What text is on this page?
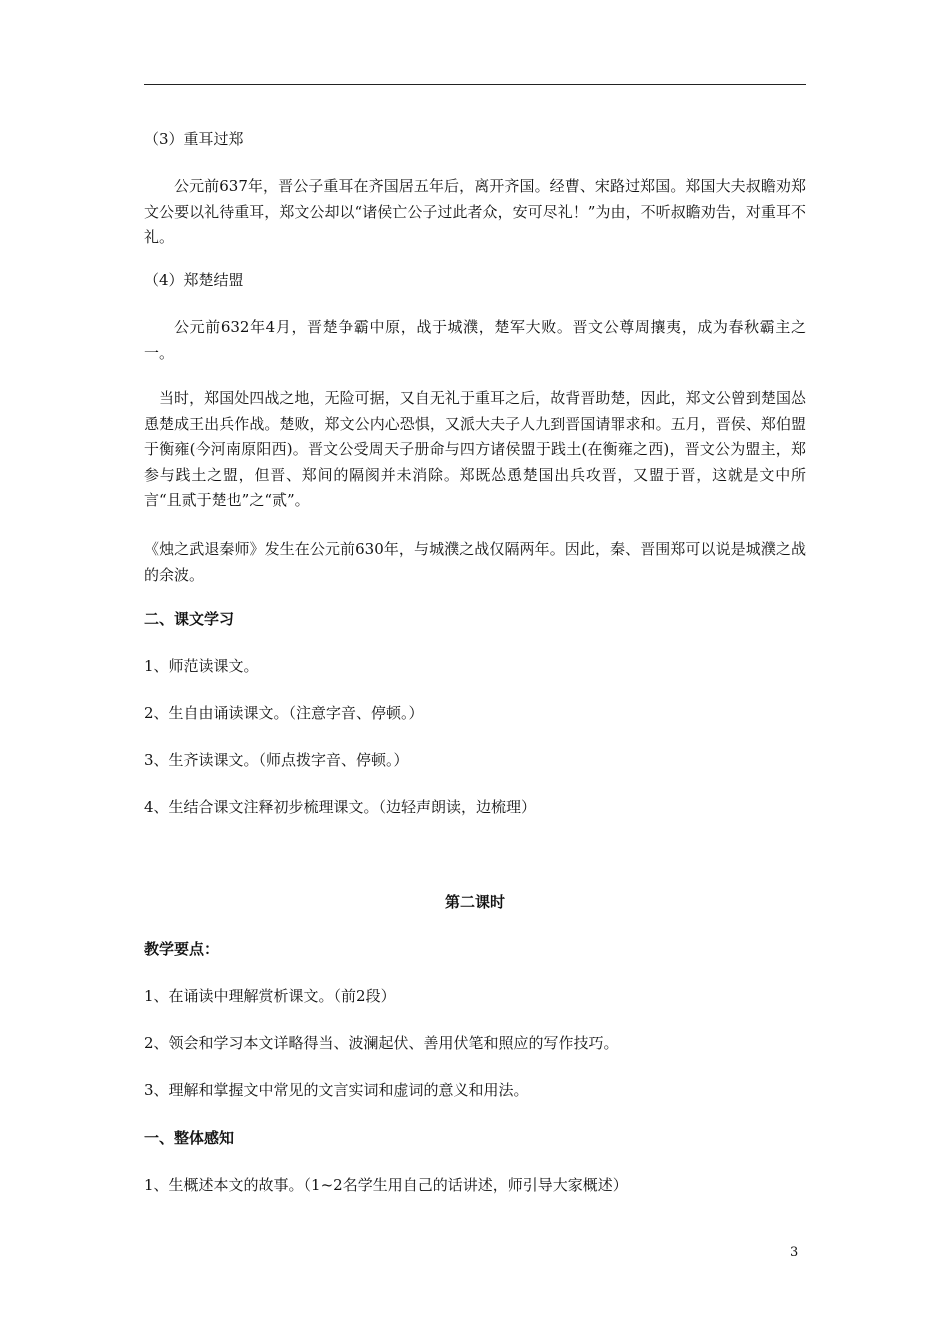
（3）重耳过郑
公元前637年，晋公子重耳在齐国居五年后，离开齐国。经曹、宋路过郑国。郑国大夫叔瞻劝郑文公要以礼待重耳，郑文公却以“诸侯亡公子过此者众，安可尽礼！”为由，不听叔瞻劝告，对重耳不礼。
（4）郑楚结盟
公元前632年4月，晋楚争霸中原，战于城濮，楚军大败。晋文公尊周攘夷，成为春秋霸主之一。
当时，郑国处四战之地，无险可据，又自无礼于重耳之后，故背晋助楚，因此，郑文公曾到楚国怂恿楚成王出兵作战。楚败，郑文公内心恐惧，又派大夫子人九到晋国请罪求和。五月，晋侯、郑伯盟于衡雍(今河南原阳西)。晋文公受周天子册命与四方诸侯盟于践土(在衡雍之西)，晋文公为盟主，郑参与践土之盟，但晋、郑间的隔阂并未消除。郑既怂恿楚国出兵攻晋，又盟于晋，这就是文中所言“且贰于楚也”之“贰”。
《烛之武退秦师》发生在公元前630年，与城濮之战仅隔两年。因此，秦、晋围郑可以说是城濮之战的余波。
二、课文学习
1、师范读课文。
2、生自由诵读课文。（注意字音、停顿。）
3、生齐读课文。（师点拨字音、停顿。）
4、生结合课文注释初步梳理课文。（边轻声朗读，边梳理）
第二课时
教学要点：
1、在诵读中理解赏析课文。（前2段）
2、领会和学习本文详略得当、波澜起伏、善用伏笔和照应的写作技巧。
3、理解和掌握文中常见的文言实词和虚词的意义和用法。
一、整体感知
1、生概述本文的故事。（1~2名学生用自己的话讲述，师引导大家概述）
3
